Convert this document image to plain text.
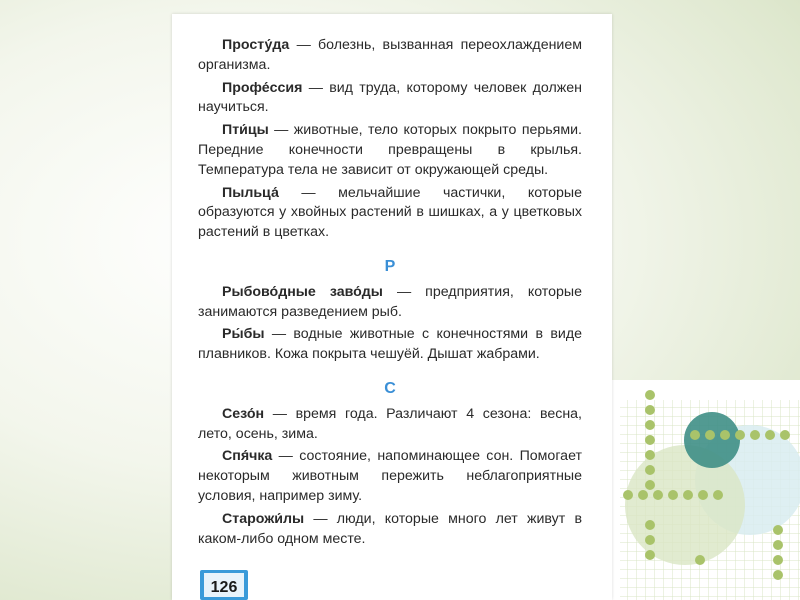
Просту́да — болезнь, вызванная переохлаждением организма.

Профе́ссия — вид труда, которому человек должен научиться.

Пти́цы — животные, тело которых покрыто перьями. Передние конечности превращены в крылья. Температура тела не зависит от окружающей среды.

Пыльца́ — мельчайшие частички, которые образуются у хвойных растений в шишках, а у цветковых растений в цветках.

Р

Рыбово́дные заво́ды — предприятия, которые занимаются разведением рыб.

Ры́бы — водные животные с конечностями в виде плавников. Кожа покрыта чешуёй. Дышат жабрами.

С

Сезо́н — время года. Различают 4 сезона: весна, лето, осень, зима.

Спя́чка — состояние, напоминающее сон. Помогает некоторым животным пережить неблагоприятные условия, например зиму.

Старожи́лы — люди, которые много лет живут в каком-либо одном месте.

126
